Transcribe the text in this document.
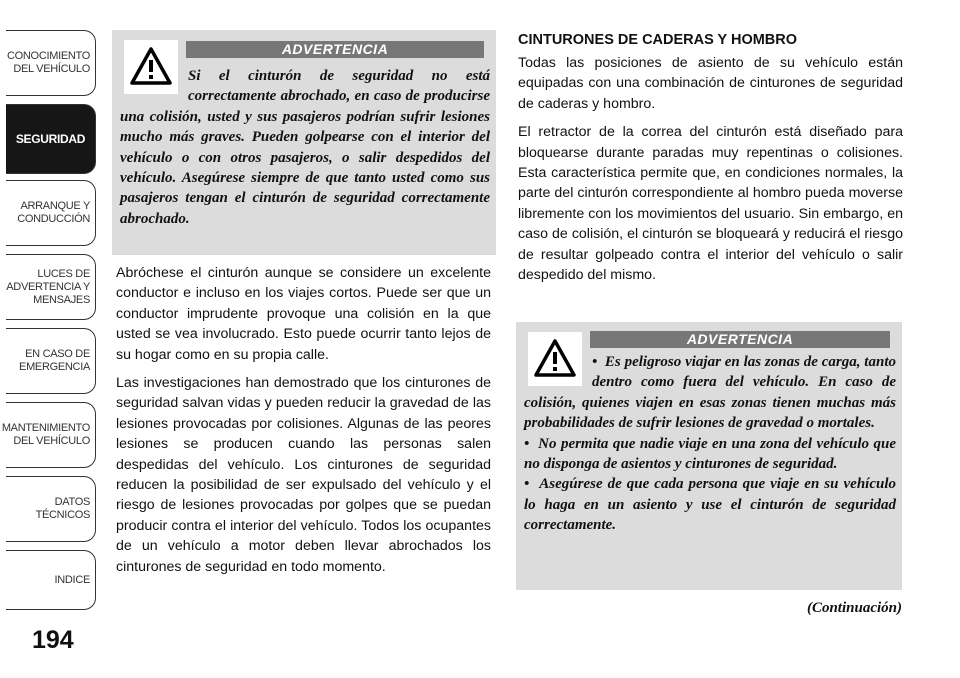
CONOCIMIENTO
DEL VEHÍCULO
SEGURIDAD
ARRANQUE Y
CONDUCCIÓN
LUCES DE
ADVERTENCIA Y
MENSAJES
EN CASO DE
EMERGENCIA
MANTENIMIENTO
DEL VEHÍCULO
DATOS
TÉCNICOS
INDICE
194
ADVERTENCIA
Si el cinturón de seguridad no está correctamente abrochado, en caso de producirse una colisión, usted y sus pasajeros podrían sufrir lesiones mucho más graves. Pueden golpearse con el interior del vehículo o con otros pasajeros, o salir despedidos del vehículo. Asegúrese siempre de que tanto usted como sus pasajeros tengan el cinturón de seguridad correctamente abrochado.

Abróchese el cinturón aunque se considere un excelente conductor e incluso en los viajes cortos. Puede ser que un conductor imprudente provoque una colisión en la que usted se vea involucrado. Esto puede ocurrir tanto lejos de su hogar como en su propia calle.

Las investigaciones han demostrado que los cinturones de seguridad salvan vidas y pueden reducir la gravedad de las lesiones provocadas por colisiones. Algunas de las peores lesiones se producen cuando las personas salen despedidas del vehículo. Los cinturones de seguridad reducen la posibilidad de ser expulsado del vehículo y el riesgo de lesiones provocadas por golpes que se puedan producir contra el interior del vehículo. Todos los ocupantes de un vehículo a motor deben llevar abrochados los cinturones de seguridad en todo momento.

CINTURONES DE CADERAS Y HOMBRO

Todas las posiciones de asiento de su vehículo están equipadas con una combinación de cinturones de seguridad de caderas y hombro.

El retractor de la correa del cinturón está diseñado para bloquearse durante paradas muy repentinas o colisiones. Esta característica permite que, en condiciones normales, la parte del cinturón correspondiente al hombro pueda moverse libremente con los movimientos del usuario. Sin embargo, en caso de colisión, el cinturón se bloqueará y reducirá el riesgo de resultar golpeado contra el interior del vehículo o salir despedido del mismo.

ADVERTENCIA
•  Es peligroso viajar en las zonas de carga, tanto dentro como fuera del vehículo. En caso de colisión, quienes viajen en esas zonas tienen muchas más probabilidades de sufrir lesiones de gravedad o mortales.
•  No permita que nadie viaje en una zona del vehículo que no disponga de asientos y cinturones de seguridad.
•  Asegúrese de que cada persona que viaje en su vehículo lo haga en un asiento y use el cinturón de seguridad correctamente.
(Continuación)
